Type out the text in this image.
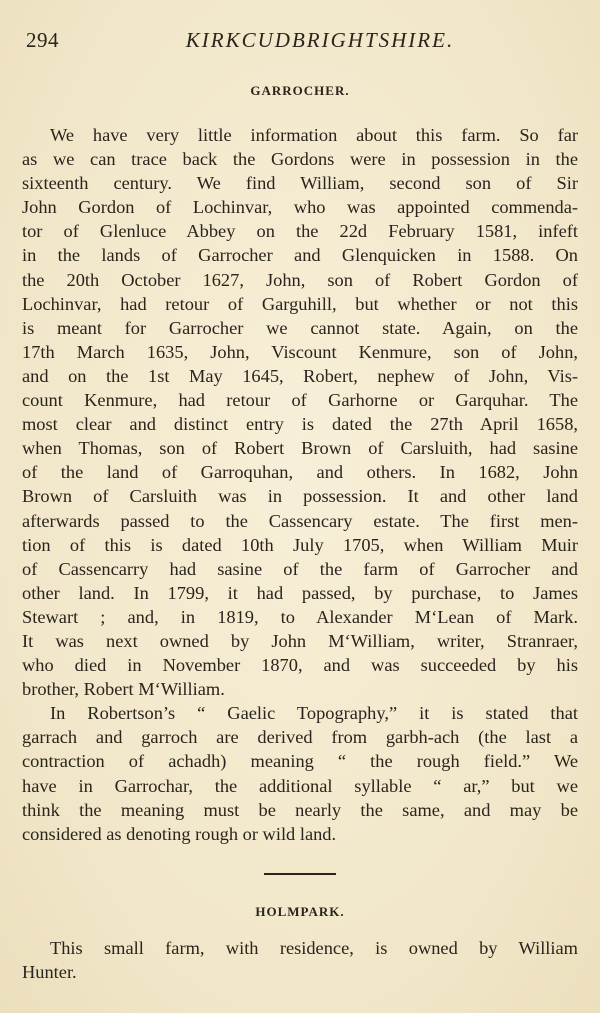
294	KIRKCUDBRIGHTSHIRE.
GARROCHER.
We have very little information about this farm. So far
as we can trace back the Gordons were in possession in the
sixteenth century. We find William, second son of Sir
John Gordon of Lochinvar, who was appointed commenda-
tor of Glenluce Abbey on the 22d February 1581, infeft
in the lands of Garrocher and Glenquicken in 1588. On
the 20th October 1627, John, son of Robert Gordon of
Lochinvar, had retour of Garguhill, but whether or not this
is meant for Garrocher we cannot state. Again, on the
17th March 1635, John, Viscount Kenmure, son of John,
and on the 1st May 1645, Robert, nephew of John, Vis-
count Kenmure, had retour of Garhorne or Garquhar. The
most clear and distinct entry is dated the 27th April 1658,
when Thomas, son of Robert Brown of Carsluith, had sasine
of the land of Garroquhan, and others. In 1682, John
Brown of Carsluith was in possession. It and other land
afterwards passed to the Cassencary estate. The first men-
tion of this is dated 10th July 1705, when William Muir
of Cassencarry had sasine of the farm of Garrocher and
other land. In 1799, it had passed, by purchase, to James
Stewart ; and, in 1819, to Alexander M‘Lean of Mark.
It was next owned by John M‘William, writer, Stranraer,
who died in November 1870, and was succeeded by his
brother, Robert M‘William.
In Robertson’s “ Gaelic Topography,” it is stated that
garrach and garroch are derived from garbh-ach (the last a
contraction of achadh) meaning “ the rough field.” We
have in Garrochar, the additional syllable “ ar,” but we
think the meaning must be nearly the same, and may be
considered as denoting rough or wild land.
HOLMPARK.
This small farm, with residence, is owned by William
Hunter.
